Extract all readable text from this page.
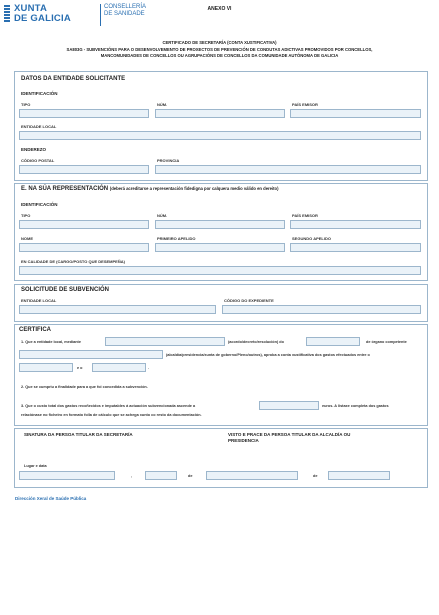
XUNTA
DE GALICIA
CONSELLERÍA
DE SANIDADE
ANEXO VI
CERTIFICADO DE SECRETARÍA (CONTA XUSTIFICATIVA)
SA803G - SUBVENCIÓNS PARA O DESENVOLVEMENTO DE PROXECTOS DE PREVENCIÓN DE CONDUTAS ADICTIVAS PROMOVIDOS POR CONCELLOS,
MANCOMUNIDADES DE CONCELLOS OU AGRUPACIÓNS DE CONCELLOS DA COMUNIDADE AUTÓNOMA DE GALICIA
DATOS DA ENTIDADE SOLICITANTE
IDENTIFICACIÓN
TIPO	NÚM.	PAÍS EMISOR
ENTIDADE LOCAL
ENDEREZO
CÓDIGO POSTAL	PROVINCIA
E. NA SÚA REPRESENTACIÓN (deberá acreditarse a representación fidedigna por calquera medio válido en dereito)
IDENTIFICACIÓN
TIPO	NÚM.	PAÍS EMISOR
NOME	PRIMEIRO APELIDO	SEGUNDO APELIDO
EN CALIDADE DE (CARGO/POSTO QUE DESEMPEÑA)
SOLICITUDE DE SUBVENCIÓN
ENTIDADE LOCAL	CÓDIGO DO EXPEDIENTE
CERTIFICA
1. Que a entidade local, mediante	(acordo/decreto/resolución) do	de órgano competente
(alcaldía/presidencia/xunta de goberno/Pleno/outros), aproba a conta xustificativa dos gastos efectuados entre o
e o	.
2. Que se cumpriu a finalidade para a que foi concedida a subvención.
3. Que o custo total dos gastos recoñecidos e imputables á actuación subvencionada ascende a	euros. A listaxe completa dos gastos
relaciónase no ficheiro en formato folla de cálculo que se achega xunto co resto da documentación.
SINATURA DA PERSOA TITULAR DA SECRETARÍA	VISTO E PRACE DA PERSOA TITULAR DA ALCALDÍA OU
PRESIDENCIA
Lugar e data
,	de	de
Dirección Xeral de Saúde Pública
